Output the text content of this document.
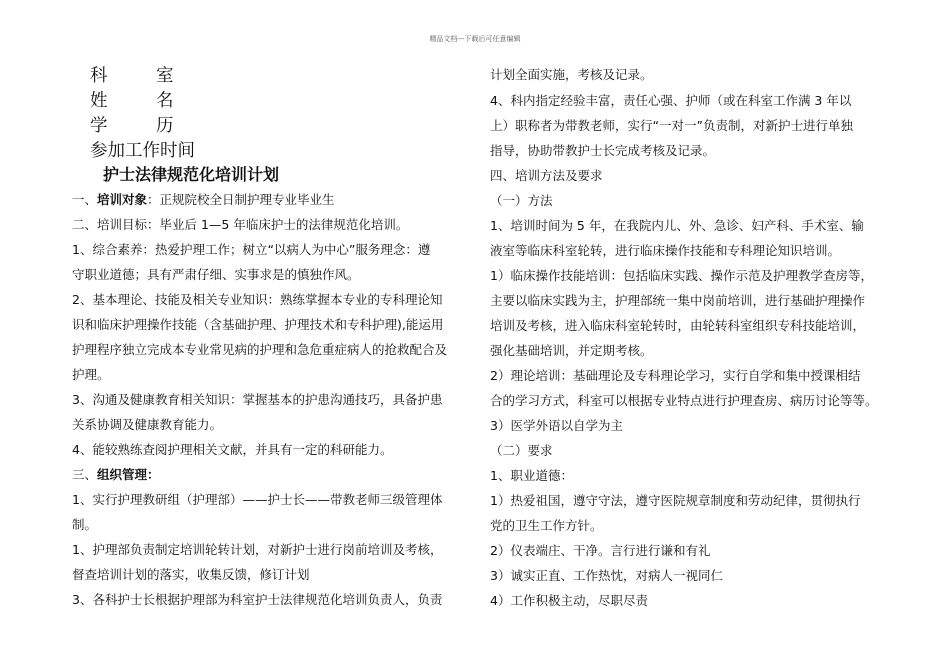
精品文档---下载后可任意编辑
科	室
姓	名
学	历
参加工作时间
护士法律规范化培训计划
一、培训对象：正规院校全日制护理专业毕业生
二、培训目标：毕业后 1—5 年临床护士的法律规范化培训。
1、综合素养：热爱护理工作；树立“以病人为中心”服务理念：遵
守职业道德；具有严肃仔细、实事求是的慎独作风。
2、基本理论、技能及相关专业知识：熟练掌握本专业的专科理论知
识和临床护理操作技能（含基础护理、护理技术和专科护理),能运用
护理程序独立完成本专业常见病的护理和急危重症病人的抢救配合及
护理。
3、沟通及健康教育相关知识：掌握基本的护患沟通技巧，具备护患
关系协调及健康教育能力。
4、能较熟练查阅护理相关文献，并具有一定的科研能力。
三、组织管理：
1、实行护理教研组（护理部）——护士长——带教老师三级管理体
制。
1、护理部负责制定培训轮转计划，对新护士进行岗前培训及考核，
督查培训计划的落实，收集反馈，修订计划
3、各科护士长根据护理部为科室护士法律规范化培训负责人，负责
计划全面实施，考核及记录。
4、科内指定经验丰富，责任心强、护师（或在科室工作满 3 年以
上）职称者为带教老师，实行“一对一”负责制，对新护士进行单独
指导，协助带教护士长完成考核及记录。
四、培训方法及要求
（一）方法
1、培训时间为 5 年，在我院内儿、外、急诊、妇产科、手术室、输
液室等临床科室轮转，进行临床操作技能和专科理论知识培训。
1）临床操作技能培训：包括临床实践、操作示范及护理教学查房等，
主要以临床实践为主，护理部统一集中岗前培训，进行基础护理操作
培训及考核，进入临床科室轮转时，由轮转科室组织专科技能培训，
强化基础培训，并定期考核。
2）理论培训：基础理论及专科理论学习，实行自学和集中授课相结
合的学习方式，科室可以根据专业特点进行护理查房、病历讨论等等。
3）医学外语以自学为主
（二）要求
1、职业道德：
1）热爱祖国，遵守守法，遵守医院规章制度和劳动纪律，贯彻执行
党的卫生工作方针。
2）仪表端庄、干净。言行进行谦和有礼
3）诚实正直、工作热忱，对病人一视同仁
4）工作积极主动，尽职尽责
